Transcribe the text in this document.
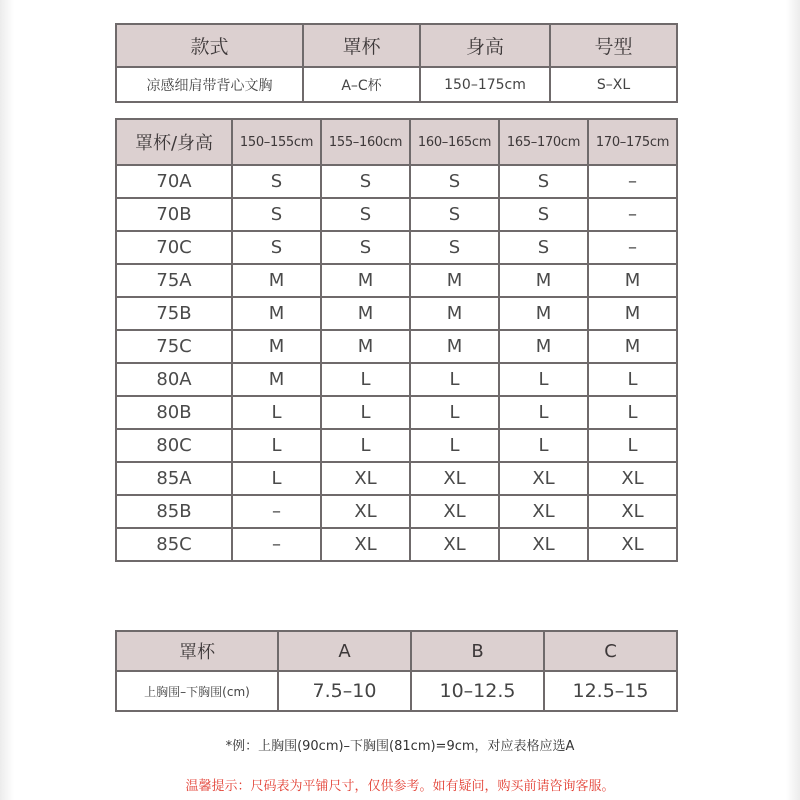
款式	罩杯	身高	号型
凉感细肩带背心文胸	A–C杯	150–175cm	S–XL
罩杯/身高	150–155cm	155–160cm	160–165cm	165–170cm	170–175cm
70A	S	S	S	S	–
70B	S	S	S	S	–
70C	S	S	S	S	–
75A	M	M	M	M	M
75B	M	M	M	M	M
75C	M	M	M	M	M
80A	M	L	L	L	L
80B	L	L	L	L	L
80C	L	L	L	L	L
85A	L	XL	XL	XL	XL
85B	–	XL	XL	XL	XL
85C	–	XL	XL	XL	XL
罩杯	A	B	C
上胸围–下胸围(cm)	7.5–10	10–12.5	12.5–15
*例：上胸围(90cm)–下胸围(81cm)=9cm，对应表格应选A
温馨提示：尺码表为平铺尺寸，仅供参考。如有疑问，购买前请咨询客服。
